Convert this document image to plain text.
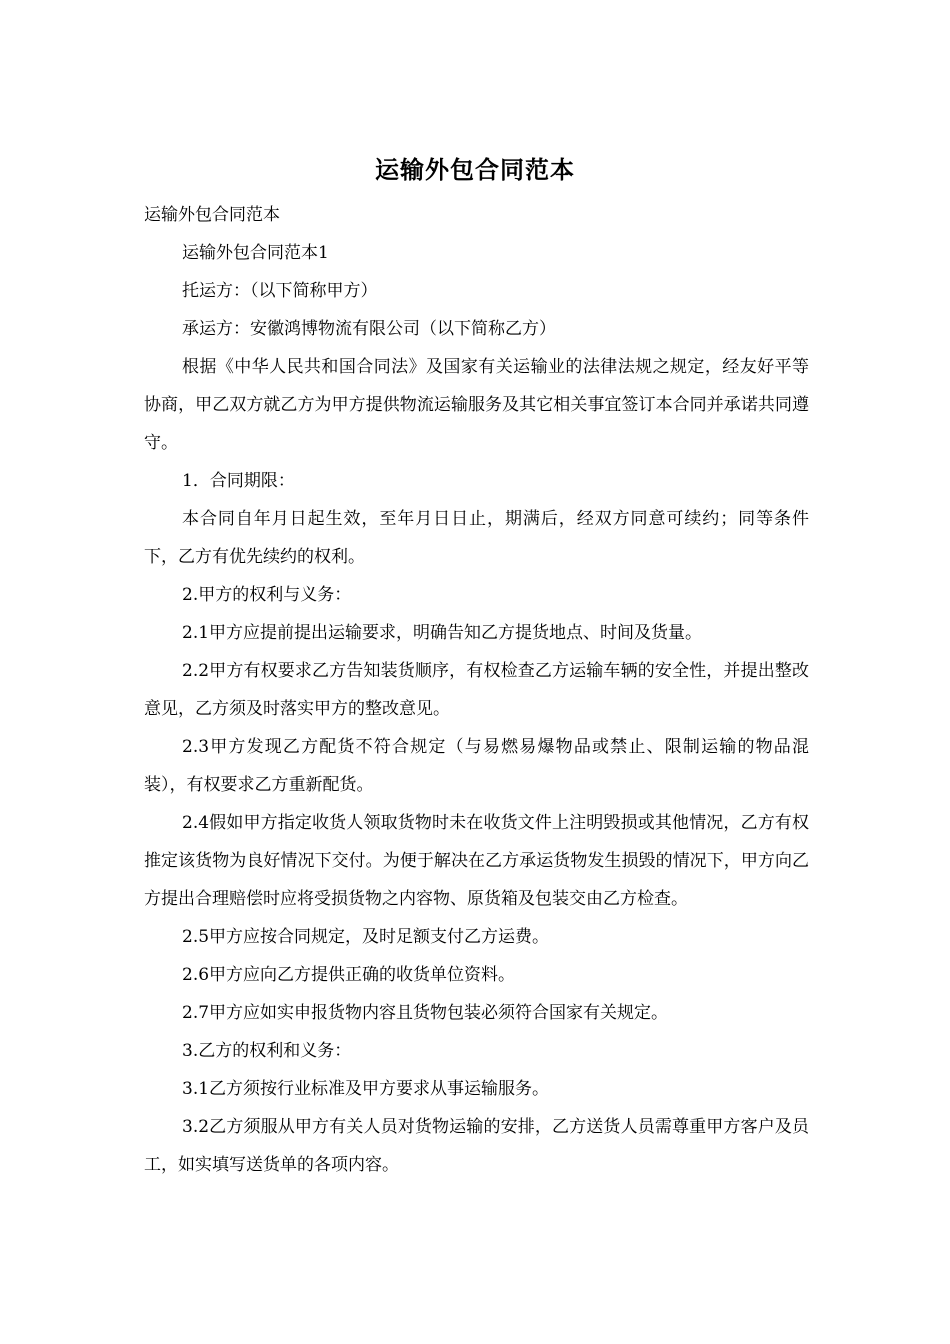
运输外包合同范本

运输外包合同范本

运输外包合同范本1

托运方：（以下简称甲方）

承运方：安徽鸿博物流有限公司（以下简称乙方）

根据《中华人民共和国合同法》及国家有关运输业的法律法规之规定，经友好平等协商，甲乙双方就乙方为甲方提供物流运输服务及其它相关事宜签订本合同并承诺共同遵守。

1．合同期限：

本合同自年月日起生效，至年月日日止，期满后，经双方同意可续约；同等条件下，乙方有优先续约的权利。

2.甲方的权利与义务：

2.1甲方应提前提出运输要求，明确告知乙方提货地点、时间及货量。

2.2甲方有权要求乙方告知装货顺序，有权检查乙方运输车辆的安全性，并提出整改意见，乙方须及时落实甲方的整改意见。

2.3甲方发现乙方配货不符合规定（与易燃易爆物品或禁止、限制运输的物品混装），有权要求乙方重新配货。

2.4假如甲方指定收货人领取货物时未在收货文件上注明毁损或其他情况，乙方有权推定该货物为良好情况下交付。为便于解决在乙方承运货物发生损毁的情况下，甲方向乙方提出合理赔偿时应将受损货物之内容物、原货箱及包装交由乙方检查。

2.5甲方应按合同规定，及时足额支付乙方运费。

2.6甲方应向乙方提供正确的收货单位资料。

2.7甲方应如实申报货物内容且货物包装必须符合国家有关规定。

3.乙方的权利和义务：

3.1乙方须按行业标准及甲方要求从事运输服务。

3.2乙方须服从甲方有关人员对货物运输的安排，乙方送货人员需尊重甲方客户及员工，如实填写送货单的各项内容。
